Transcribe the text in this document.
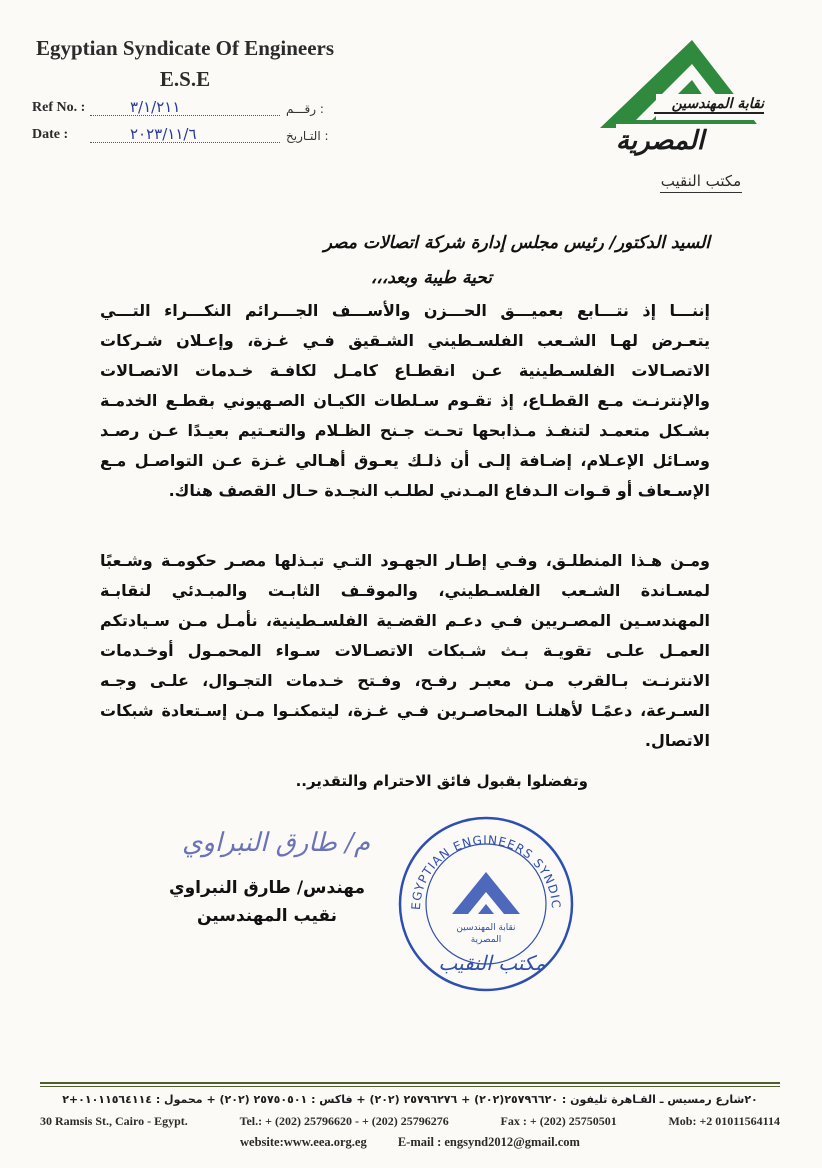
Egyptian Syndicate Of Engineers
E.S.E
Ref No. :	٣/١/٢١١	رقـــم :
Date :	٢٠٢٣/١١/٦	التـاريخ :
نقابة المهندسين
المصرية
مكتب النقيب
السيد الدكتور/ رئيس مجلس إدارة شركة اتصالات مصر
تحية طيبة وبعد،،،
إننـــا إذ نتـــابع بعميـــق الحـــزن والأســـف الجـــرائم النكـــراء التـــي يتعـرض لهـا الشـعب الفلسـطيني الشـقيق فـي غـزة، وإعـلان شـركات الاتصـالات الفلسـطينية عـن انقطـاع كامـل لكافـة خـدمات الاتصـالات والإنترنـت مـع القطـاع، إذ تقـوم سـلطات الكيـان الصـهيوني بقطـع الخدمـة بشـكل متعمـد لتنفـذ مـذابحها تحـت جـنح الظـلام والتعـتيم بعيـدًا عـن رصـد وسـائل الإعـلام، إضـافة إلـى أن ذلـك يعـوق أهـالي غـزة عـن التواصـل مـع الإسـعاف أو قـوات الـدفاع المـدني لطلـب النجـدة حـال القصف هناك.
ومـن هـذا المنطلـق، وفـي إطـار الجهـود التـي تبـذلها مصـر حكومـة وشـعبًا لمسـاندة الشـعب الفلسـطيني، والموقـف الثابـت والمبـدئي لنقابـة المهندسـين المصـريين فـي دعـم القضـية الفلسـطينية، نأمـل مـن سـيادتكم العمـل علـى تقويـة بـث شـبكات الاتصـالات سـواء المحمـول أوخـدمات الانترنـت بـالقرب مـن معبـر رفـح، وفـتح خـدمات التجـوال، علـى وجـه السـرعة، دعمًـا لأهلنـا المحاصـرين فـي غـزة، ليتمكنـوا مـن إسـتعادة شبكات الاتصال.
وتفضلوا بقبول فائق الاحترام والتقدير..
م/ طارق النبراوي
مهندس/ طارق النبراوي
نقيب المهندسين
EGYPTIAN ENGINEERS SYNDIC
نقابة المهندسين
المصرية
مكتب النقيب
٢٠شارع رمسيس ـ القـاهرة تليفون : ٢٥٧٩٦٦٢٠(٢٠٢) + ٢٥٧٩٦٢٧٦ (٢٠٢) + فاكس : ٢٥٧٥٠٥٠١ (٢٠٢) + محمول : ٠١٠١١٥٦٤١١٤+٢
30 Ramsis St., Cairo - Egypt.	Tel.: + (202) 25796620 - + (202) 25796276	Fax : + (202) 25750501	Mob: +2 01011564114
website:www.eea.org.eg E-mail : engsynd2012@gmail.com
